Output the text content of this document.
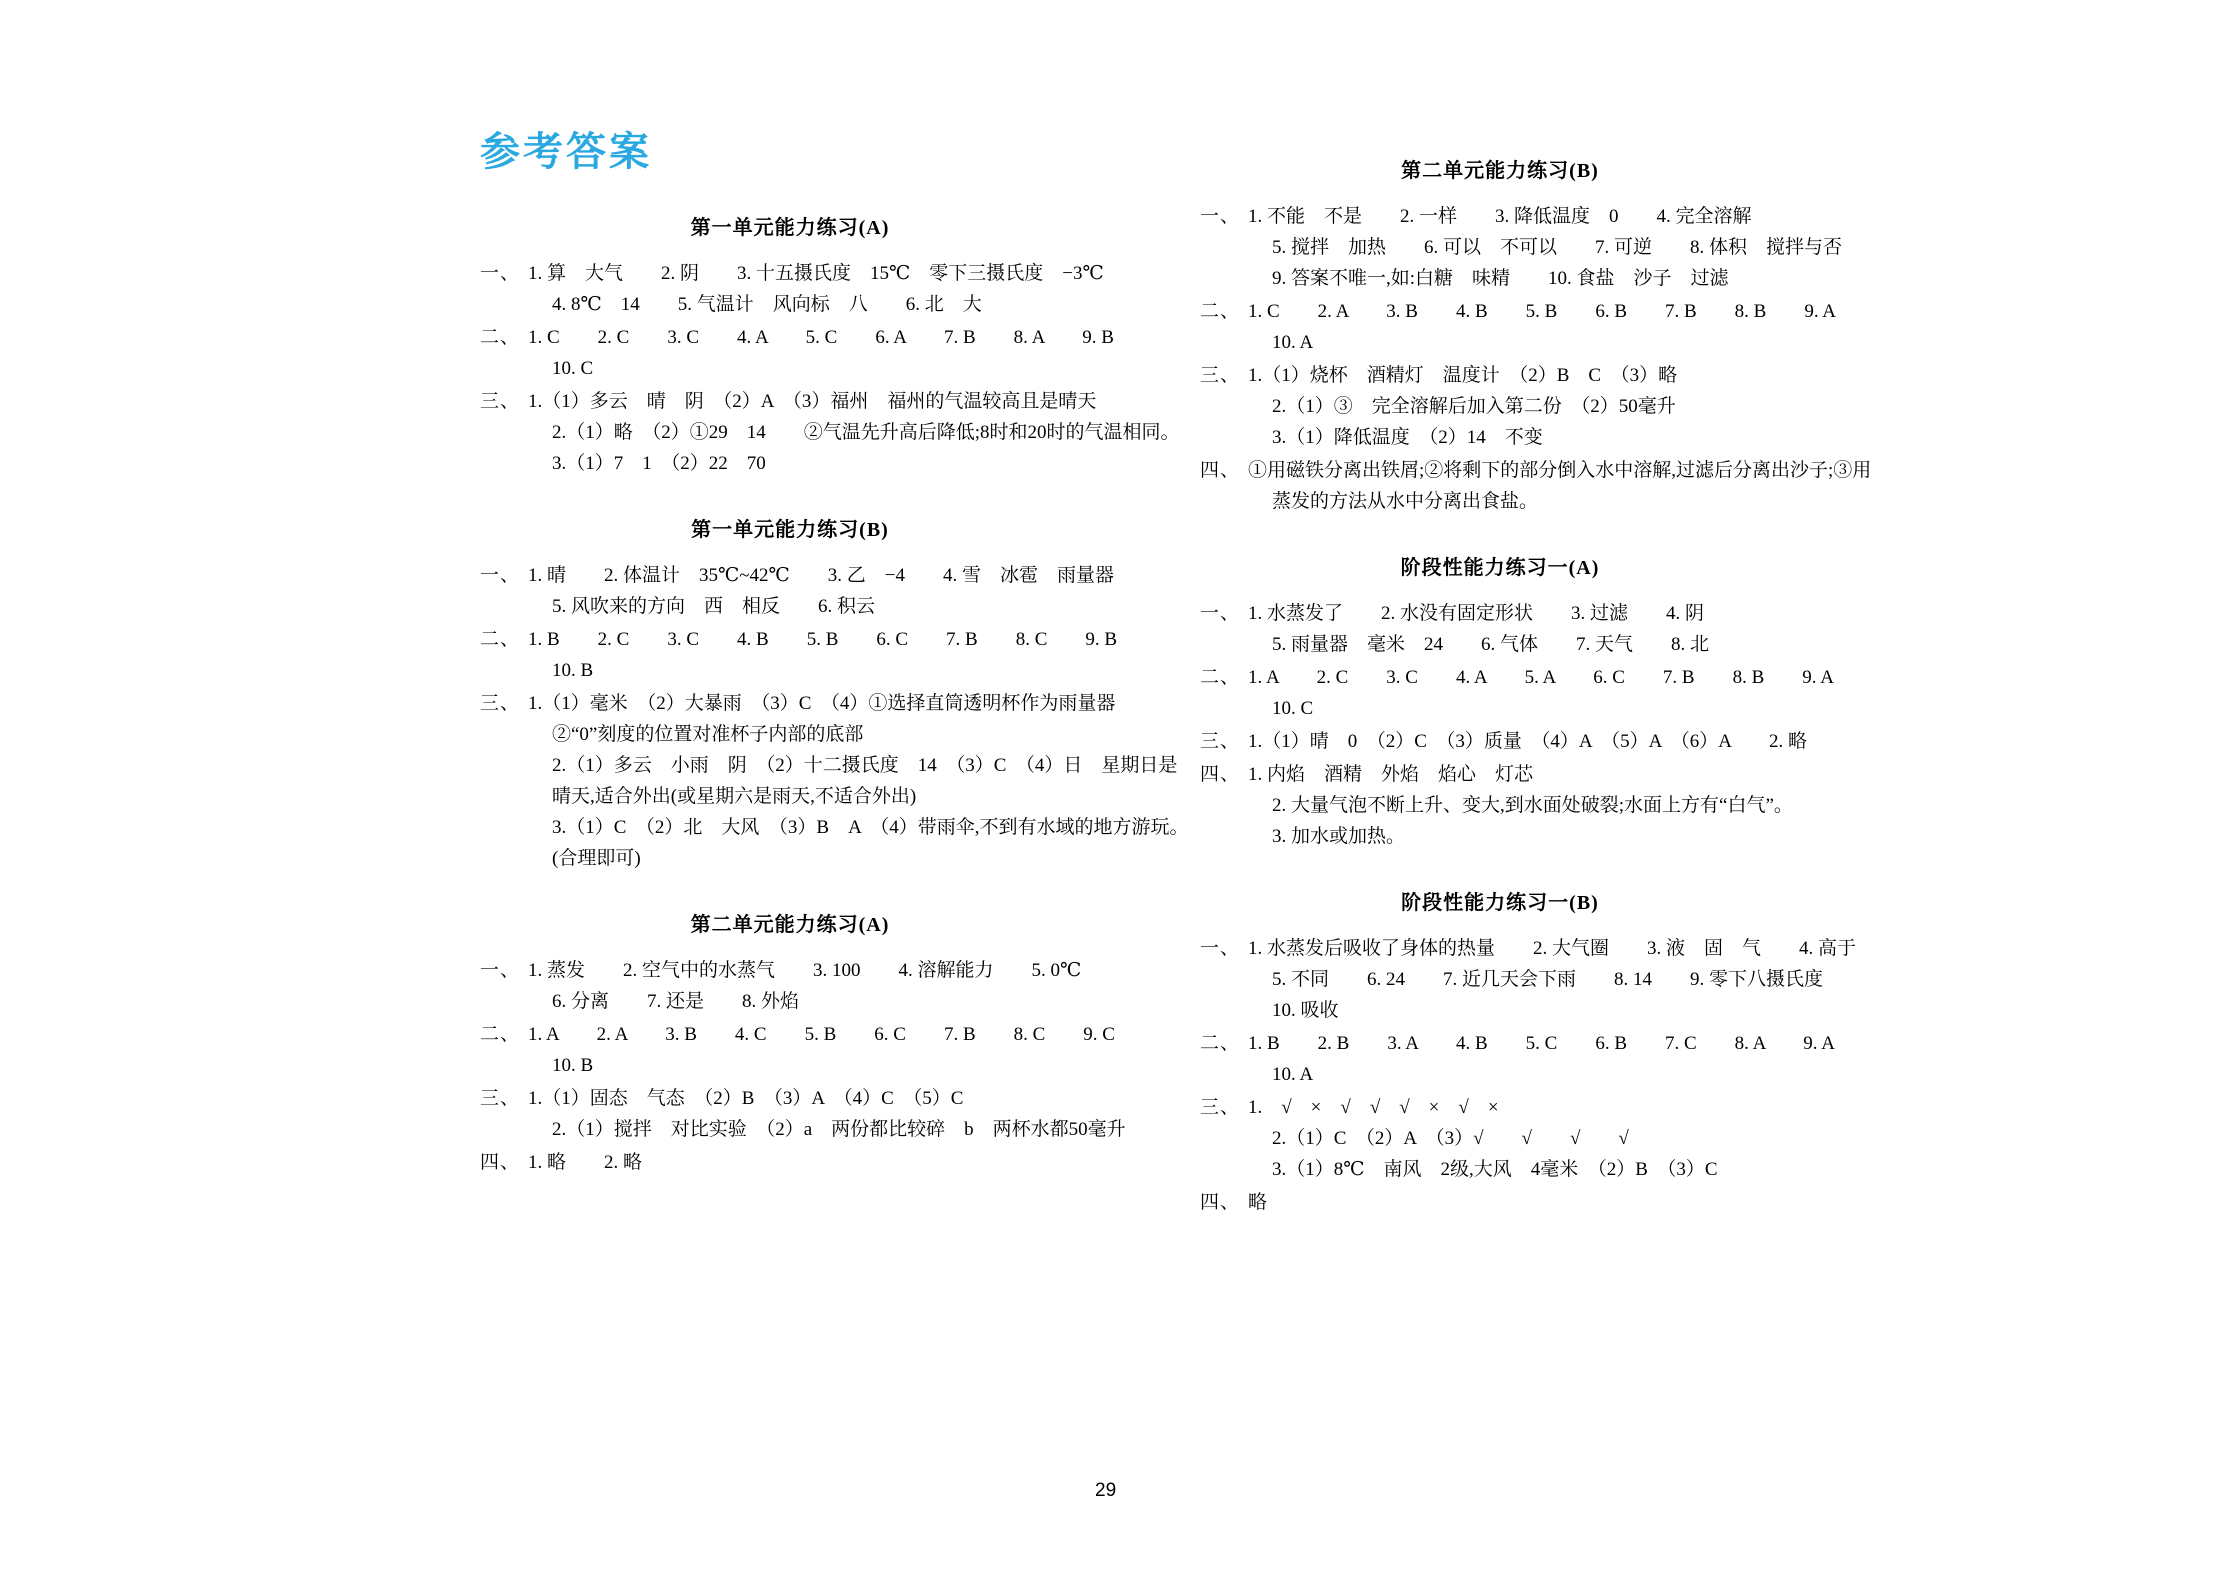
参考答案
第一单元能力练习(A)
一、 1. 算　大气　　2. 阴　　3. 十五摄氏度　15℃　零下三摄氏度　−3℃
4. 8℃　14　　5. 气温计　风向标　八　　6. 北　大
二、 1. C　　2. C　　3. C　　4. A　　5. C　　6. A　　7. B　　8. A　　9. B
10. C
三、 1.（1）多云　晴　阴　（2）A　（3）福州　福州的气温较高且是晴天
2.（1）略　（2）①29　14　　②气温先升高后降低;8时和20时的气温相同。
3.（1）7　1　（2）22　70
第一单元能力练习(B)
一、 1. 晴　　2. 体温计　35℃~42℃　　3. 乙　−4　　4. 雪　冰雹　雨量器
5. 风吹来的方向　西　相反　　6. 积云
二、 1. B　　2. C　　3. C　　4. B　　5. B　　6. C　　7. B　　8. C　　9. B
10. B
三、 1.（1）毫米　（2）大暴雨　（3）C　（4）①选择直筒透明杯作为雨量器
②“0”刻度的位置对准杯子内部的底部
2.（1）多云　小雨　阴　（2）十二摄氏度　14　（3）C　（4）日　星期日是
晴天,适合外出(或星期六是雨天,不适合外出)
3.（1）C　（2）北　大风　（3）B　A　（4）带雨伞,不到有水域的地方游玩。
(合理即可)
第二单元能力练习(A)
一、 1. 蒸发　　2. 空气中的水蒸气　　3. 100　　4. 溶解能力　　5. 0℃
6. 分离　　7. 还是　　8. 外焰
二、 1. A　　2. A　　3. B　　4. C　　5. B　　6. C　　7. B　　8. C　　9. C
10. B
三、 1.（1）固态　气态　（2）B　（3）A　（4）C　（5）C
2.（1）搅拌　对比实验　（2）a　两份都比较碎　b　两杯水都50毫升
四、 1. 略　　2. 略
第二单元能力练习(B)
一、 1. 不能　不是　　2. 一样　　3. 降低温度　0　　4. 完全溶解
5. 搅拌　加热　　6. 可以　不可以　　7. 可逆　　8. 体积　搅拌与否
9. 答案不唯一,如:白糖　味精　　10. 食盐　沙子　过滤
二、 1. C　　2. A　　3. B　　4. B　　5. B　　6. B　　7. B　　8. B　　9. A
10. A
三、 1.（1）烧杯　酒精灯　温度计　（2）B　C　（3）略
2.（1）③　完全溶解后加入第二份　（2）50毫升
3.（1）降低温度　（2）14　不变
四、 ①用磁铁分离出铁屑;②将剩下的部分倒入水中溶解,过滤后分离出沙子;③用
蒸发的方法从水中分离出食盐。
阶段性能力练习一(A)
一、 1. 水蒸发了　　2. 水没有固定形状　　3. 过滤　　4. 阴
5. 雨量器　毫米　24　　6. 气体　　7. 天气　　8. 北
二、 1. A　　2. C　　3. C　　4. A　　5. A　　6. C　　7. B　　8. B　　9. A
10. C
三、 1.（1）晴　0　（2）C　（3）质量　（4）A　（5）A　（6）A　　2. 略
四、 1. 内焰　酒精　外焰　焰心　灯芯
2. 大量气泡不断上升、变大,到水面处破裂;水面上方有“白气”。
3. 加水或加热。
阶段性能力练习一(B)
一、 1. 水蒸发后吸收了身体的热量　　2. 大气圈　　3. 液　固　气　　4. 高于
5. 不同　　6. 24　　7. 近几天会下雨　　8. 14　　9. 零下八摄氏度
10. 吸收
二、 1. B　　2. B　　3. A　　4. B　　5. C　　6. B　　7. C　　8. A　　9. A
10. A
三、 1.　√　×　√　√　√　×　√　×
2.（1）C　（2）A　（3）√　　√　　√　　√
3.（1）8℃　南风　2级,大风　4毫米　（2）B　（3）C
四、 略
29
